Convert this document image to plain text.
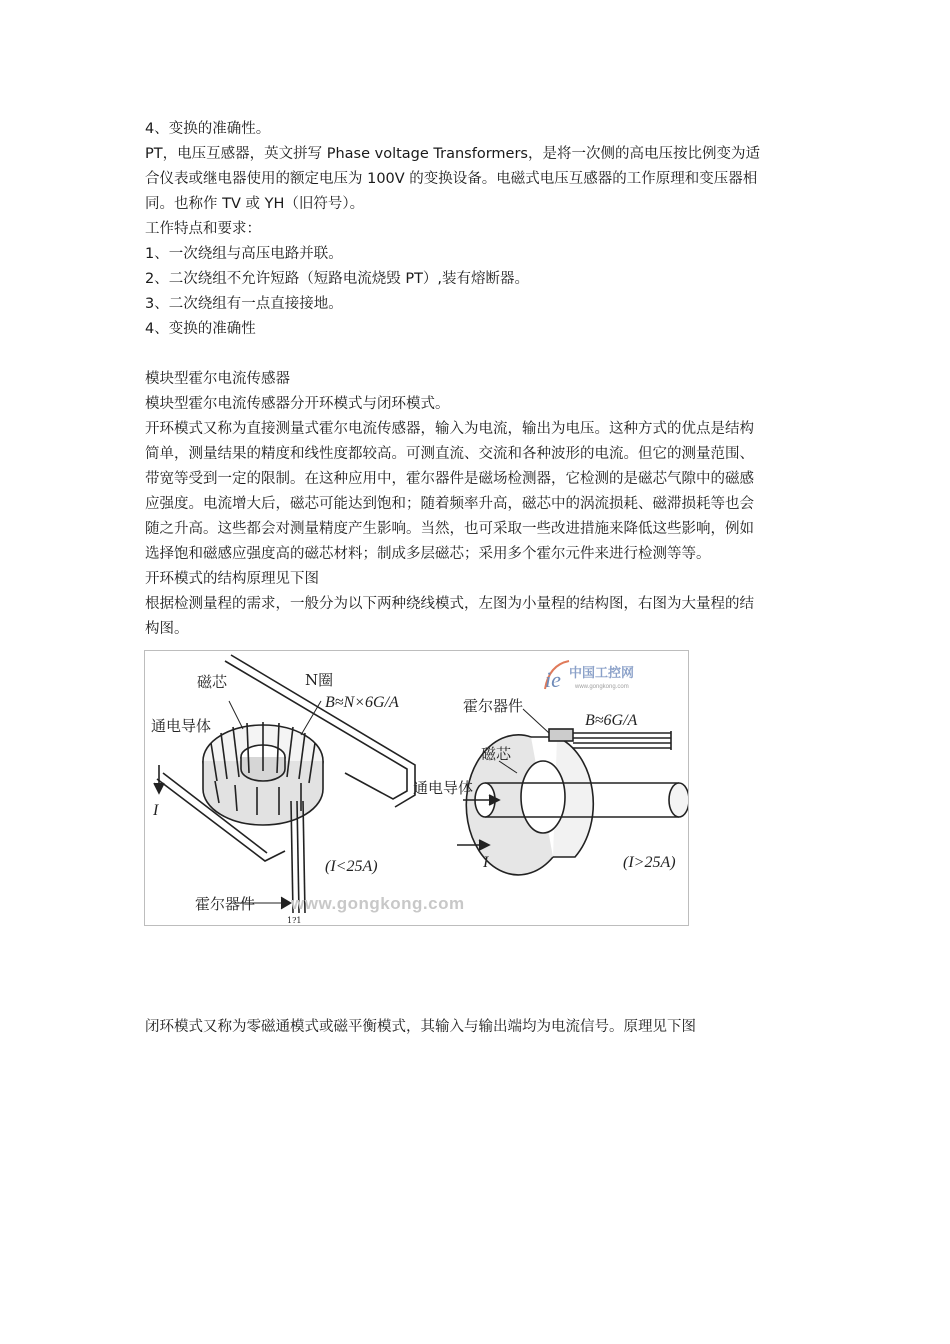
4、变换的准确性。
PT，电压互感器，英文拼写 Phase voltage Transformers，是将一次侧的高电压按比例变为适
合仪表或继电器使用的额定电压为 100V 的变换设备。电磁式电压互感器的工作原理和变压器相
同。也称作 TV 或 YH（旧符号）。
工作特点和要求：
1、一次绕组与高压电路并联。
2、二次绕组不允许短路（短路电流烧毁 PT）,装有熔断器。
3、二次绕组有一点直接接地。
4、变换的准确性
模块型霍尔电流传感器
模块型霍尔电流传感器分开环模式与闭环模式。
开环模式又称为直接测量式霍尔电流传感器，输入为电流，输出为电压。这种方式的优点是结构
简单，测量结果的精度和线性度都较高。可测直流、交流和各种波形的电流。但它的测量范围、
带宽等受到一定的限制。在这种应用中，霍尔器件是磁场检测器，它检测的是磁芯气隙中的磁感
应强度。电流增大后，磁芯可能达到饱和；随着频率升高，磁芯中的涡流损耗、磁滞损耗等也会
随之升高。这些都会对测量精度产生影响。当然，也可采取一些改进措施来降低这些影响，例如
选择饱和磁感应强度高的磁芯材料；制成多层磁芯；采用多个霍尔元件来进行检测等等。
开环模式的结构原理见下图
根据检测量程的需求，一般分为以下两种绕线模式，左图为小量程的结构图，右图为大量程的结
构图。
磁芯	N圈
B≈N×6G/A
通电导体
I
(I<25A)
霍尔器件
1?1
霍尔器件
B≈6G/A
磁芯
通电导体
I	(I>25A)
ie 中国工控网
www.gongkong.com
www.gongkong.com
闭环模式又称为零磁通模式或磁平衡模式，其输入与输出端均为电流信号。原理见下图
